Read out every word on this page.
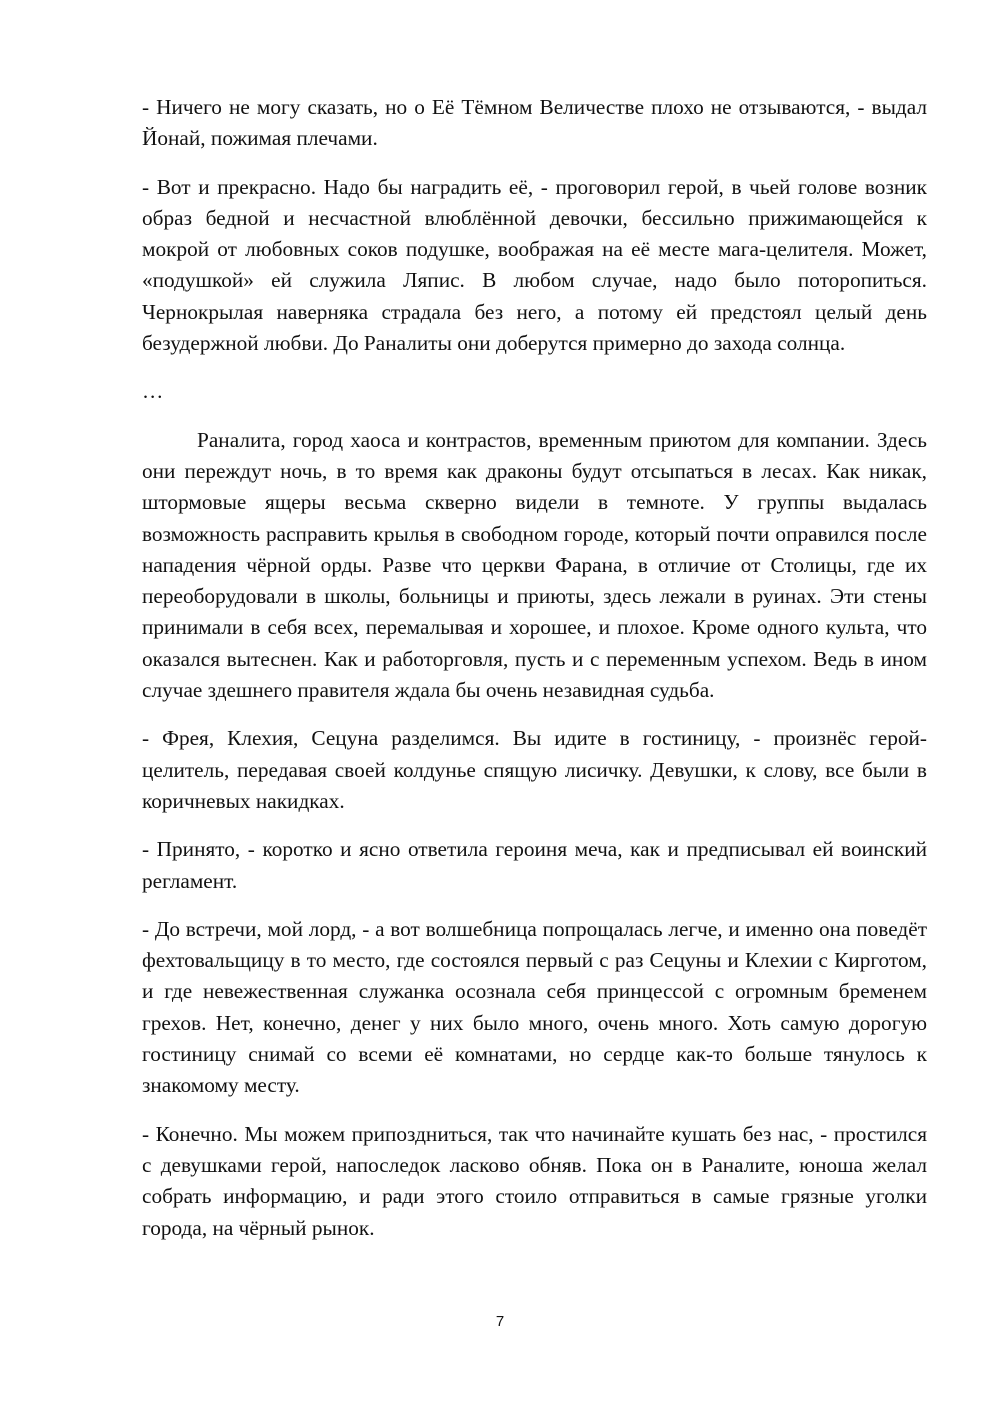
- Ничего не могу сказать, но о Её Тёмном Величестве плохо не отзываются, - выдал Йонай, пожимая плечами.

- Вот и прекрасно. Надо бы наградить её, - проговорил герой, в чьей голове возник образ бедной и несчастной влюблённой девочки, бессильно прижимающейся к мокрой от любовных соков подушке, воображая на её месте мага-целителя. Может, «подушкой» ей служила Ляпис. В любом случае, надо было поторопиться. Чернокрылая наверняка страдала без него, а потому ей предстоял целый день безудержной любви. До Раналиты они доберутся примерно до захода солнца.

…

Раналита, город хаоса и контрастов, временным приютом для компании. Здесь они переждут ночь, в то время как драконы будут отсыпаться в лесах. Как никак, штормовые ящеры весьма скверно видели в темноте. У группы выдалась возможность расправить крылья в свободном городе, который почти оправился после нападения чёрной орды. Разве что церкви Фарана, в отличие от Столицы, где их переоборудовали в школы, больницы и приюты, здесь лежали в руинах. Эти стены принимали в себя всех, перемалывая и хорошее, и плохое. Кроме одного культа, что оказался вытеснен. Как и работорговля, пусть и с переменным успехом. Ведь в ином случае здешнего правителя ждала бы очень незавидная судьба.

- Фрея, Клехия, Сецуна разделимся. Вы идите в гостиницу, - произнёс герой-целитель, передавая своей колдунье спящую лисичку. Девушки, к слову, все были в коричневых накидках.

- Принято, - коротко и ясно ответила героиня меча, как и предписывал ей воинский регламент.

- До встречи, мой лорд, - а вот волшебница попрощалась легче, и именно она поведёт фехтовальщицу в то место, где состоялся первый с раз Сецуны и Клехии с Кирготом, и где невежественная служанка осознала себя принцессой с огромным бременем грехов. Нет, конечно, денег у них было много, очень много. Хоть самую дорогую гостиницу снимай со всеми её комнатами, но сердце как-то больше тянулось к знакомому месту.

- Конечно. Мы можем припоздниться, так что начинайте кушать без нас, - простился с девушками герой, напоследок ласково обняв. Пока он в Раналите, юноша желал собрать информацию, и ради этого стоило отправиться в самые грязные уголки города, на чёрный рынок.

7
